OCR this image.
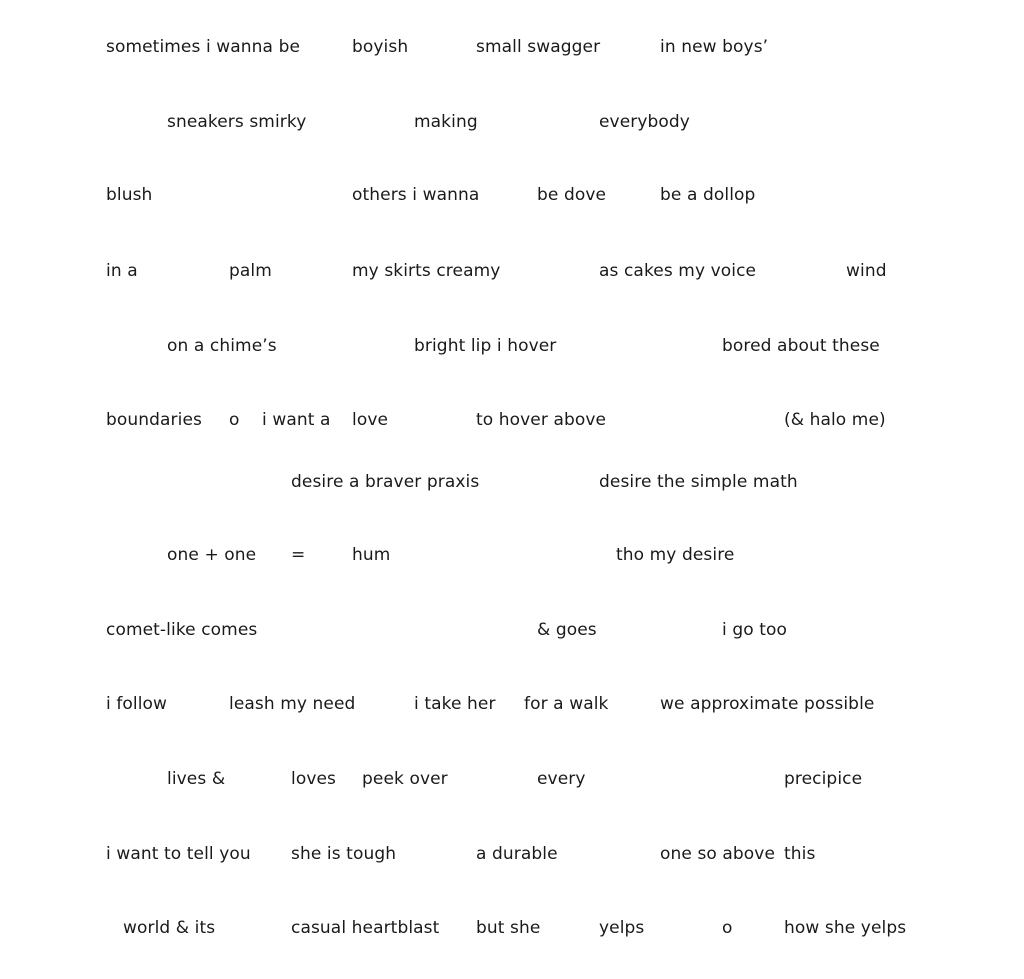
sometimes i wanna be	boyish	small swagger	in new boys’
sneakers smirky	making	everybody
blush	others i wanna	be dove	be a dollop
in a	palm	my skirts creamy	as cakes my voice	wind
on a chime’s	bright lip i hover	bored about these
boundaries o i want a love	to hover above	(& halo me)
desire a braver praxis	desire the simple math
one + one =	hum	tho my desire
comet-like comes	& goes	i go too
i follow	leash my need	i take her for a walk	we approximate possible
lives &	loves peek over	every	precipice
i want to tell you she is tough	a durable	one so above this
world & its	casual heartblast but she	yelps	o	how she yelps
